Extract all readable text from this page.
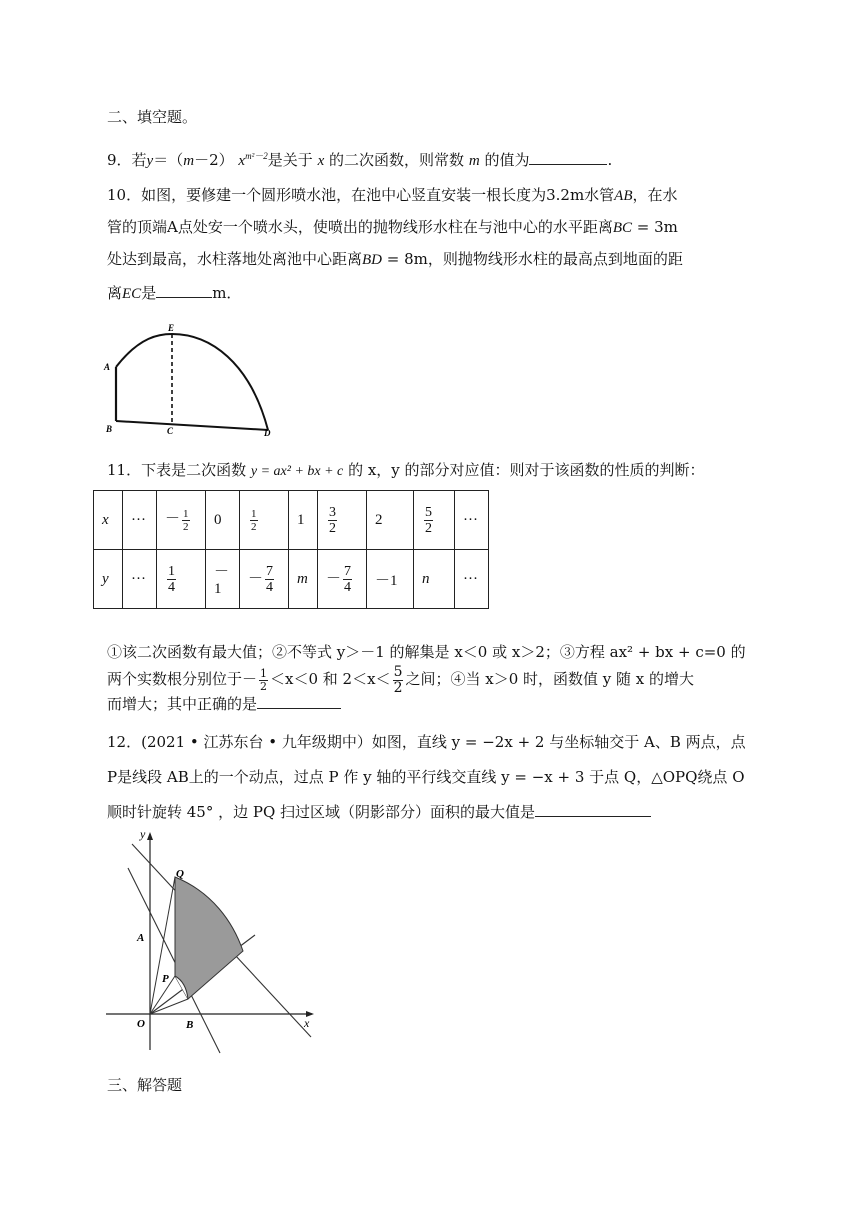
二、填空题。
9．若y＝（m－2） $x^{m^2-2}$是关于 x 的二次函数，则常数 m 的值为	.
10．如图，要修建一个圆形喷水池，在池中心竖直安装一根长度为3.2m水管AB，在水
管的顶端A点处安一个喷水头，使喷出的抛物线形水柱在与池中心的水平距离BC = 3m
处达到最高，水柱落地处离池中心距离BD = 8m，则抛物线形水柱的最高点到地面的距
离EC是	m．
E
A
B	C	D
11．下表是二次函数 y = ax² + bx + c 的 x，y 的部分对应值：则对于该函数的性质的判断：
x	···	－ $\frac{1}{2}$	0	$\frac{1}{2}$	1	$\frac{3}{2}$	2	$\frac{5}{2}$	···
y	···	$\frac{1}{4}$	－1	－ $\frac{7}{4}$	m	－ $\frac{7}{4}$	－1	n	···
①该二次函数有最大值；②不等式 y＞－1 的解集是 x＜0 或 x＞2；③方程 ax² + bx + c=0 的
两个实数根分别位于－ $\frac{1}{2} <x<0$ 和 $2<x< \frac{5}{2}$ 之间；④当 x＞0 时，函数值 y 随 x 的增大
而增大；其中正确的是
12．(2021 • 江苏东台 • 九年级期中）如图，直线 y = −2x + 2 与坐标轴交于 A、B 两点，点
P是线段 AB上的一个动点，过点 P 作 y 轴的平行线交直线 y = −x + 3 于点 Q，△OPQ绕点 O
顺时针旋转 45° ，边 PQ 扫过区域（阴影部分）面积的最大值是
y
x
O
A
B
P
Q
三、解答题
